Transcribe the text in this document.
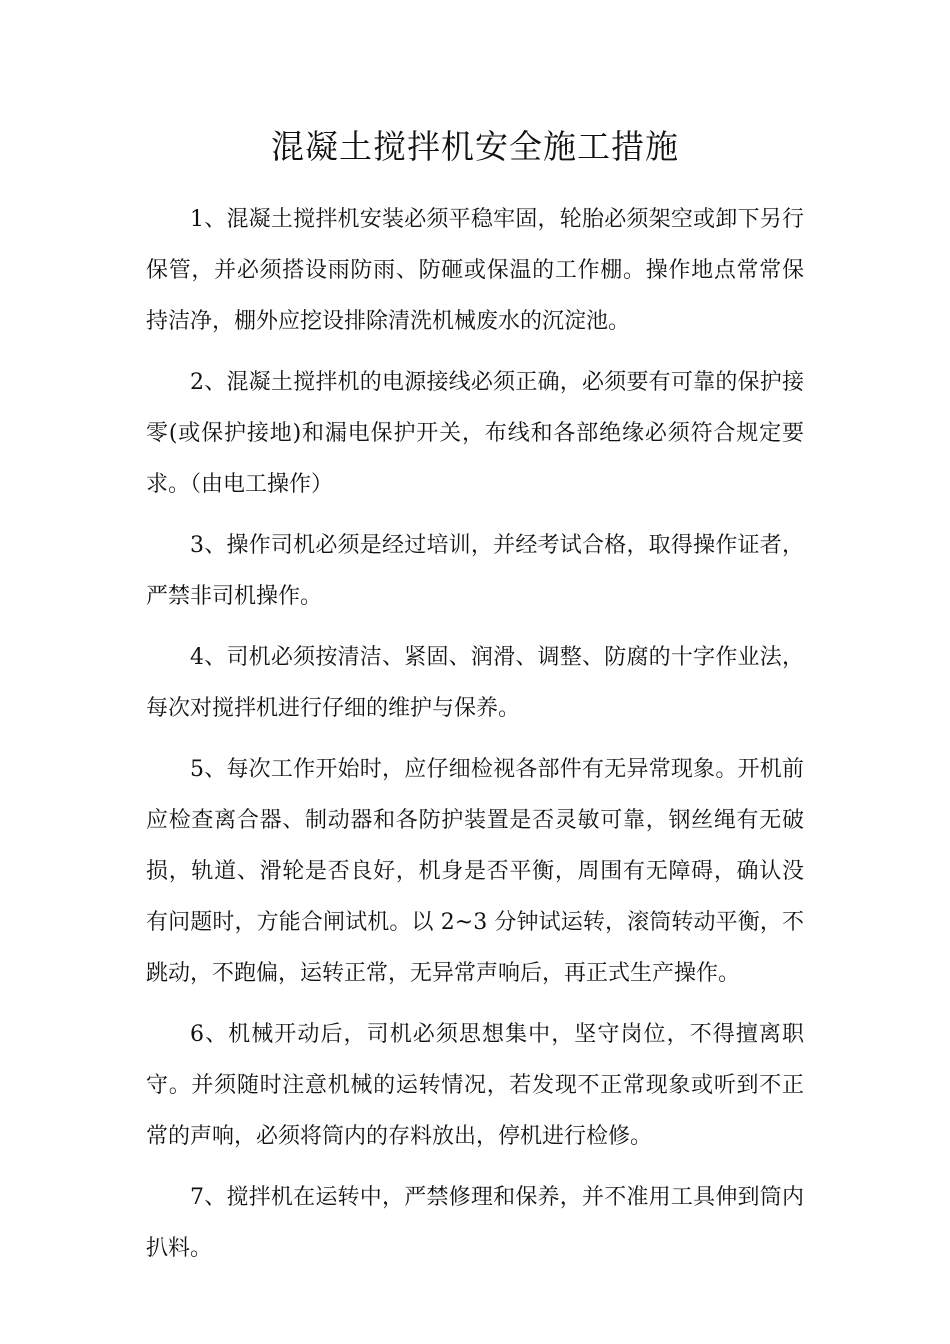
混凝土搅拌机安全施工措施

1、混凝土搅拌机安装必须平稳牢固，轮胎必须架空或卸下另行保管，并必须搭设雨防雨、防砸或保温的工作棚。操作地点常常保持洁净，棚外应挖设排除清洗机械废水的沉淀池。

2、混凝土搅拌机的电源接线必须正确，必须要有可靠的保护接零(或保护接地)和漏电保护开关，布线和各部绝缘必须符合规定要求。（由电工操作）

3、操作司机必须是经过培训，并经考试合格，取得操作证者，严禁非司机操作。

4、司机必须按清洁、紧固、润滑、调整、防腐的十字作业法，每次对搅拌机进行仔细的维护与保养。

5、每次工作开始时，应仔细检视各部件有无异常现象。开机前应检查离合器、制动器和各防护装置是否灵敏可靠，钢丝绳有无破损，轨道、滑轮是否良好，机身是否平衡，周围有无障碍，确认没有问题时，方能合闸试机。以 2~3 分钟试运转，滚筒转动平衡，不跳动，不跑偏，运转正常，无异常声响后，再正式生产操作。

6、机械开动后，司机必须思想集中，坚守岗位，不得擅离职守。并须随时注意机械的运转情况，若发现不正常现象或听到不正常的声响，必须将筒内的存料放出，停机进行检修。

7、搅拌机在运转中，严禁修理和保养，并不准用工具伸到筒内扒料。
